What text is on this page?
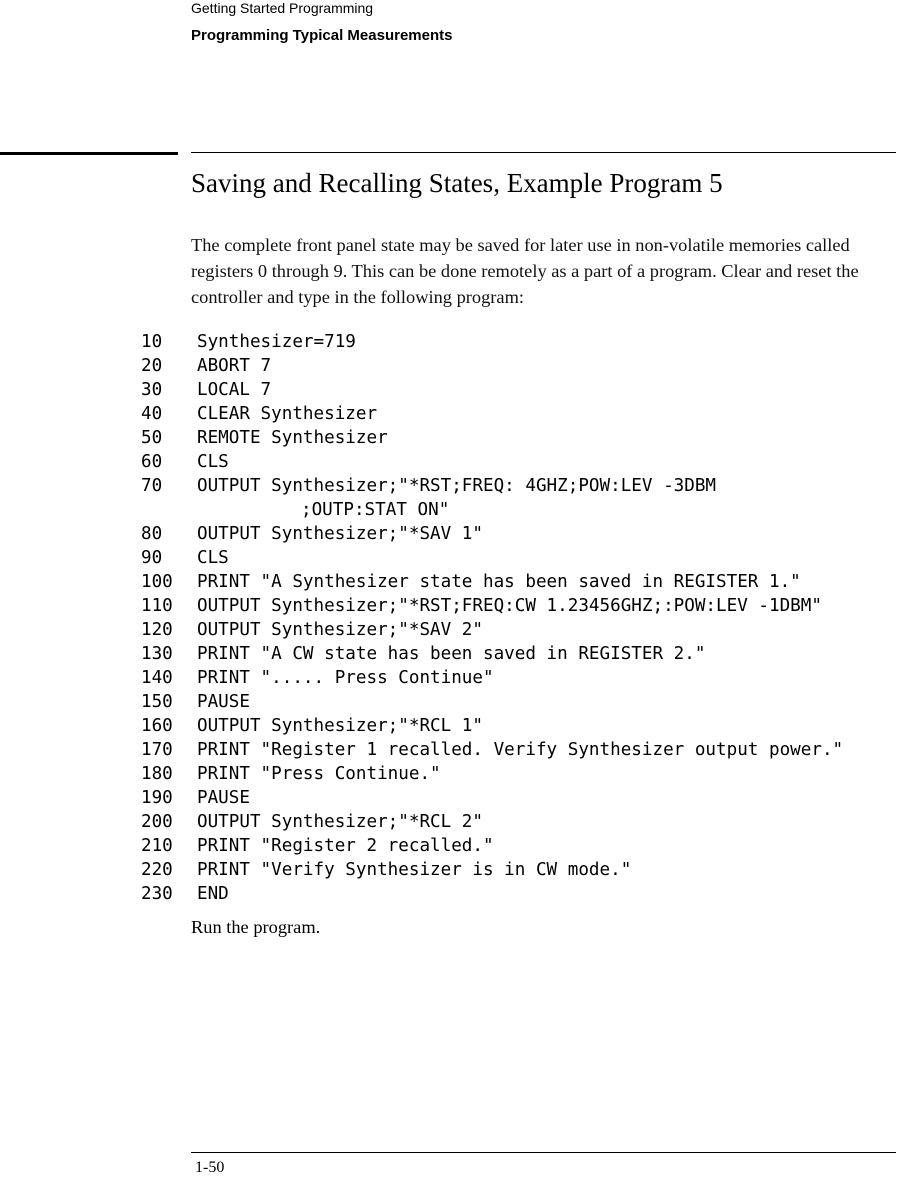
Getting Started Programming
Programming Typical Measurements
Saving and Recalling States, Example Program 5

The complete front panel state may be saved for later use in non-volatile memories called registers 0 through 9. This can be done remotely as a part of a program. Clear and reset the controller and type in the following program:

10	Synthesizer=719
20	ABORT 7
30	LOCAL 7
40	CLEAR Synthesizer
50	REMOTE Synthesizer
60	CLS
70	OUTPUT Synthesizer;"*RST;FREQ: 4GHZ;POW:LEV -3DBM
;OUTP:STAT ON"
80	OUTPUT Synthesizer;"*SAV 1"
90	CLS
100	PRINT "A Synthesizer state has been saved in REGISTER 1."
110	OUTPUT Synthesizer;"*RST;FREQ:CW 1.23456GHZ;:POW:LEV -1DBM"
120	OUTPUT Synthesizer;"*SAV 2"
130	PRINT "A CW state has been saved in REGISTER 2."
140	PRINT "..... Press Continue"
150	PAUSE
160	OUTPUT Synthesizer;"*RCL 1"
170	PRINT "Register 1 recalled. Verify Synthesizer output power."
180	PRINT "Press Continue."
190	PAUSE
200	OUTPUT Synthesizer;"*RCL 2"
210	PRINT "Register 2 recalled."
220	PRINT "Verify Synthesizer is in CW mode."
230	END

Run the program.

1-50
